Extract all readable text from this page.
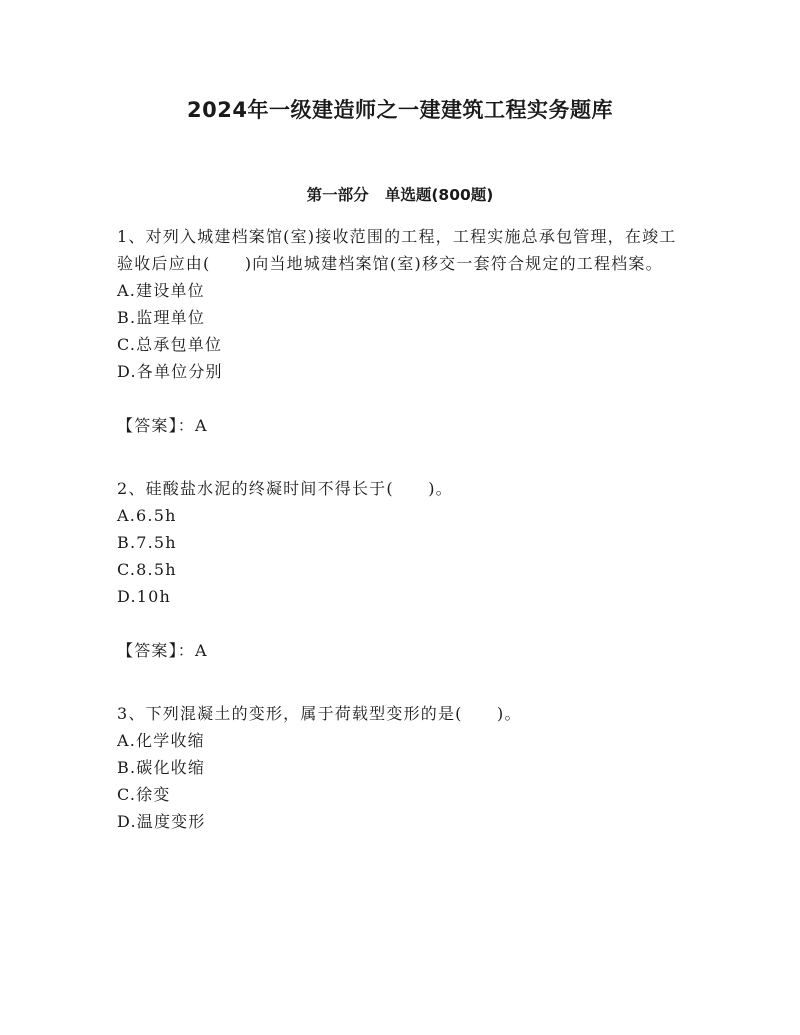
2024年一级建造师之一建建筑工程实务题库
第一部分   单选题(800题)

1、对列入城建档案馆(室)接收范围的工程，工程实施总承包管理，在竣工验收后应由(　　)向当地城建档案馆(室)移交一套符合规定的工程档案。

A.建设单位
B.监理单位
C.总承包单位
D.各单位分别
【答案】：A

2、硅酸盐水泥的终凝时间不得长于(　　)。

A.6.5h
B.7.5h
C.8.5h
D.10h
【答案】：A

3、下列混凝土的变形，属于荷载型变形的是(　　)。

A.化学收缩
B.碳化收缩
C.徐变
D.温度变形
